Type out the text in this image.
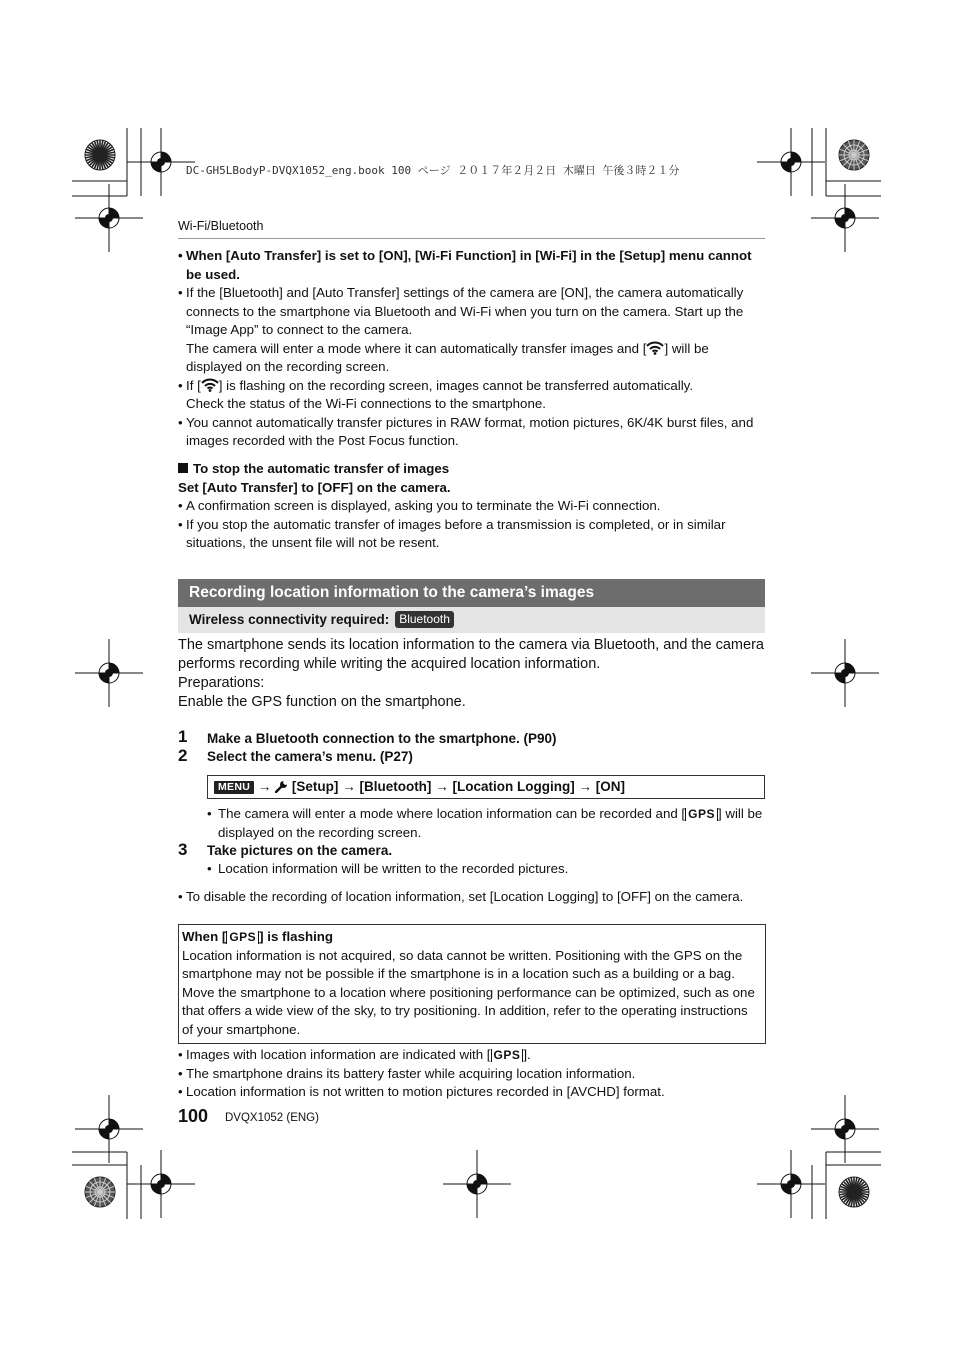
DC-GH5LBodyP-DVQX1052_eng.book 100 ページ ２０１７年２月２日 木曜日 午後３時２１分
Wi-Fi/Bluetooth
• When [Auto Transfer] is set to [ON], [Wi-Fi Function] in [Wi-Fi] in the [Setup] menu cannot be used.
• If the [Bluetooth] and [Auto Transfer] settings of the camera are [ON], the camera automatically connects to the smartphone via Bluetooth and Wi-Fi when you turn on the camera. Start up the “Image App” to connect to the camera.
The camera will enter a mode where it can automatically transfer images and [ ] will be displayed on the recording screen.
• If [ ] is flashing on the recording screen, images cannot be transferred automatically.
Check the status of the Wi-Fi connections to the smartphone.
• You cannot automatically transfer pictures in RAW format, motion pictures, 6K/4K burst files, and images recorded with the Post Focus function.
To stop the automatic transfer of images
Set [Auto Transfer] to [OFF] on the camera.
• A confirmation screen is displayed, asking you to terminate the Wi-Fi connection.
• If you stop the automatic transfer of images before a transmission is completed, or in similar situations, the unsent file will not be resent.
Recording location information to the camera’s images
Wireless connectivity required: Bluetooth
The smartphone sends its location information to the camera via Bluetooth, and the camera performs recording while writing the acquired location information.
Preparations:
Enable the GPS function on the smartphone.
1 Make a Bluetooth connection to the smartphone. (P90)
2 Select the camera’s menu. (P27)
MENU → [Setup] → [Bluetooth] → [Location Logging] → [ON]
• The camera will enter a mode where location information can be recorded and [ GPS ] will be displayed on the recording screen.
3 Take pictures on the camera.
• Location information will be written to the recorded pictures.
• To disable the recording of location information, set [Location Logging] to [OFF] on the camera.
When [ GPS ] is flashing
Location information is not acquired, so data cannot be written. Positioning with the GPS on the smartphone may not be possible if the smartphone is in a location such as a building or a bag. Move the smartphone to a location where positioning performance can be optimized, such as one that offers a wide view of the sky, to try positioning. In addition, refer to the operating instructions of your smartphone.
• Images with location information are indicated with [ GPS ].
• The smartphone drains its battery faster while acquiring location information.
• Location information is not written to motion pictures recorded in [AVCHD] format.
100 DVQX1052 (ENG)
